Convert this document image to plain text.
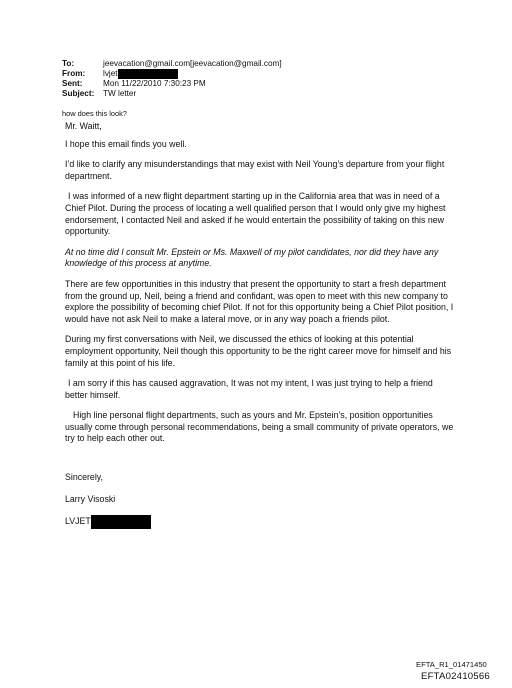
To:	jeevacation@gmail.com[jeevacation@gmail.com]
From:	lvjet
Sent:	Mon 11/22/2010 7:30:23 PM
Subject:	TW letter
how does this look?

Mr. Waitt,

I hope this email finds you well.

I’d like to clarify any misunderstandings that may exist with Neil Young’s departure from your flight department.

I was informed of a new flight department starting up in the California area that was in need of a Chief Pilot. During the process of locating a well qualified person that I would only give my highest endorsement, I contacted Neil and asked if he would entertain the possibility of taking on this new opportunity.

At no time did I consult Mr. Epstein or Ms. Maxwell of my pilot candidates, nor did they have any knowledge of this process at anytime.

There are few opportunities in this industry that present the opportunity to start a fresh department from the ground up, Neil, being a friend and confidant, was open to meet with this new company to explore the possibility of becoming chief Pilot. If not for this opportunity being a Chief Pilot position, I would have not ask Neil to make a lateral move, or in any way poach a friends pilot.

During my first conversations with Neil, we discussed the ethics of looking at this potential employment opportunity, Neil though this opportunity to be the right career move for himself and his family at this point of his life.

I am sorry if this has caused aggravation, It was not my intent, I was just trying to help a friend better himself.

High line personal flight departments, such as yours and Mr. Epstein’s, position opportunities usually come through personal recommendations, being a small community of private operators, we try to help each other out.

Sincerely,

Larry Visoski

LVJET

EFTA_R1_01471450
EFTA02410566
